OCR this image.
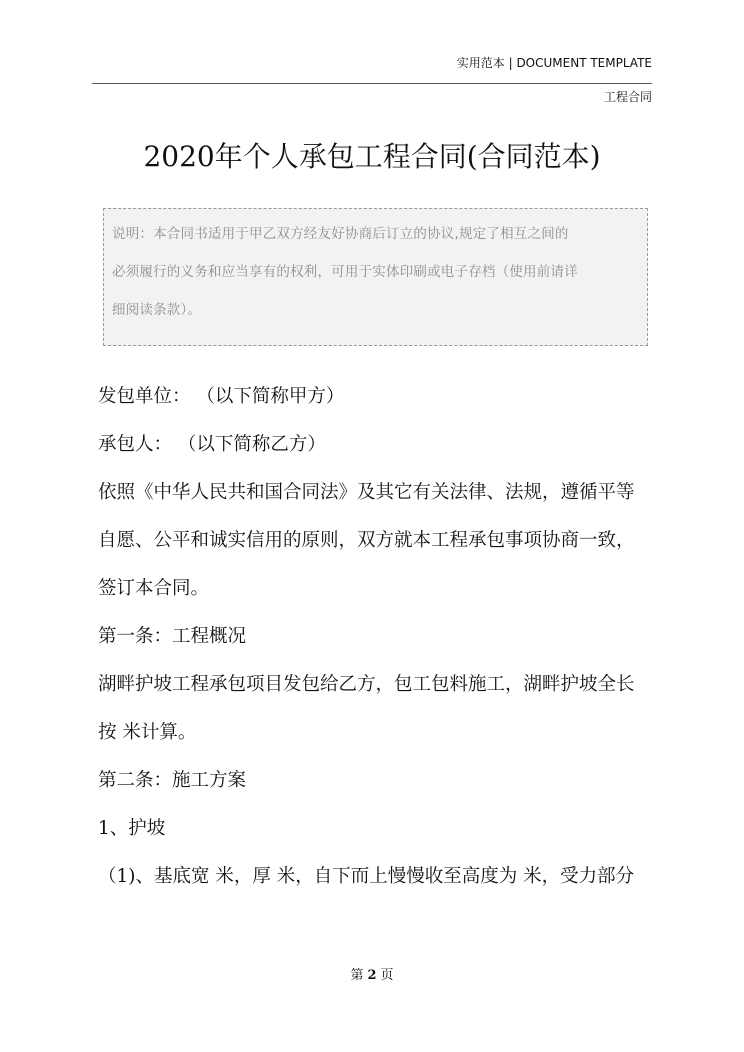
实用范本 | DOCUMENT TEMPLATE
工程合同
2020年个人承包工程合同(合同范本)
说明：本合同书适用于甲乙双方经友好协商后订立的协议,规定了相互之间的
必须履行的义务和应当享有的权利，可用于实体印刷或电子存档（使用前请详
细阅读条款）。

发包单位： （以下简称甲方）

承包人： （以下简称乙方）

依照《中华人民共和国合同法》及其它有关法律、法规，遵循平等

自愿、公平和诚实信用的原则，双方就本工程承包事项协商一致，

签订本合同。

第一条：工程概况

湖畔护坡工程承包项目发包给乙方，包工包料施工，湖畔护坡全长

按 米计算。

第二条：施工方案

1、护坡

（1)、基底宽 米，厚 米，自下而上慢慢收至高度为 米，受力部分

第 2 页
